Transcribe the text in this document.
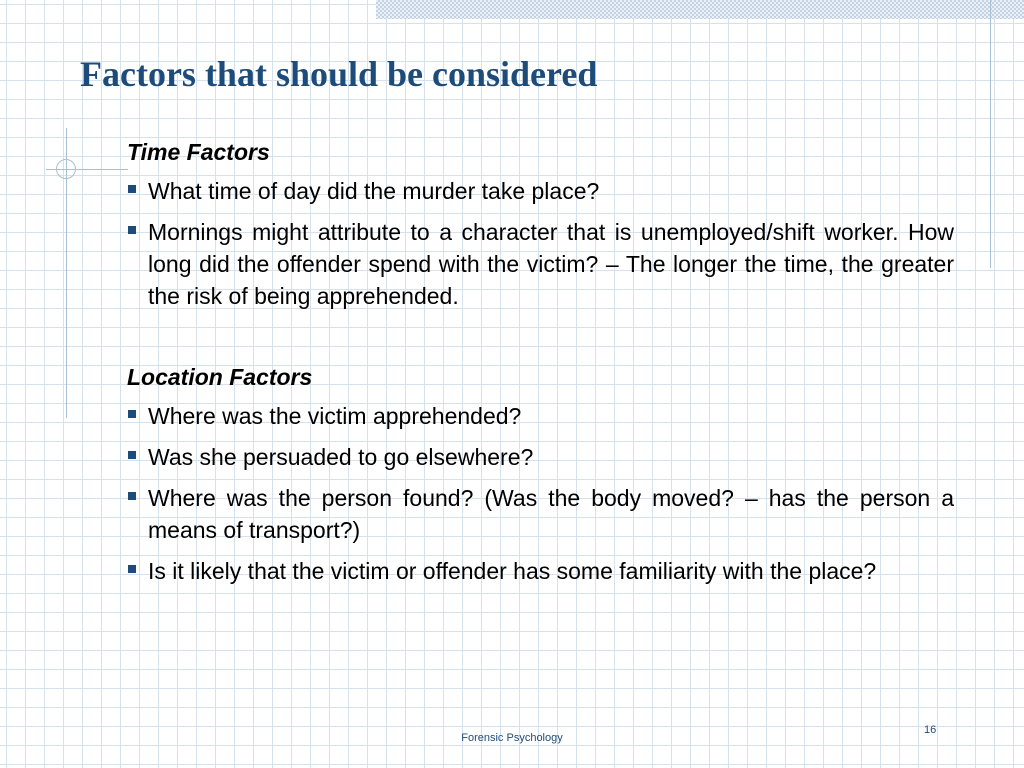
Factors that should be considered

Time Factors

What time of day did the murder take place?
Mornings might attribute to a character that is unemployed/shift worker. How long did the offender spend with the victim? – The longer the time, the greater the risk of being apprehended.

Location Factors

Where was the victim apprehended?
Was she persuaded to go elsewhere?
Where was the person found? (Was the body moved? – has the person a means of transport?)
Is it likely that the victim or offender has some familiarity with the place?
Forensic Psychology
16
